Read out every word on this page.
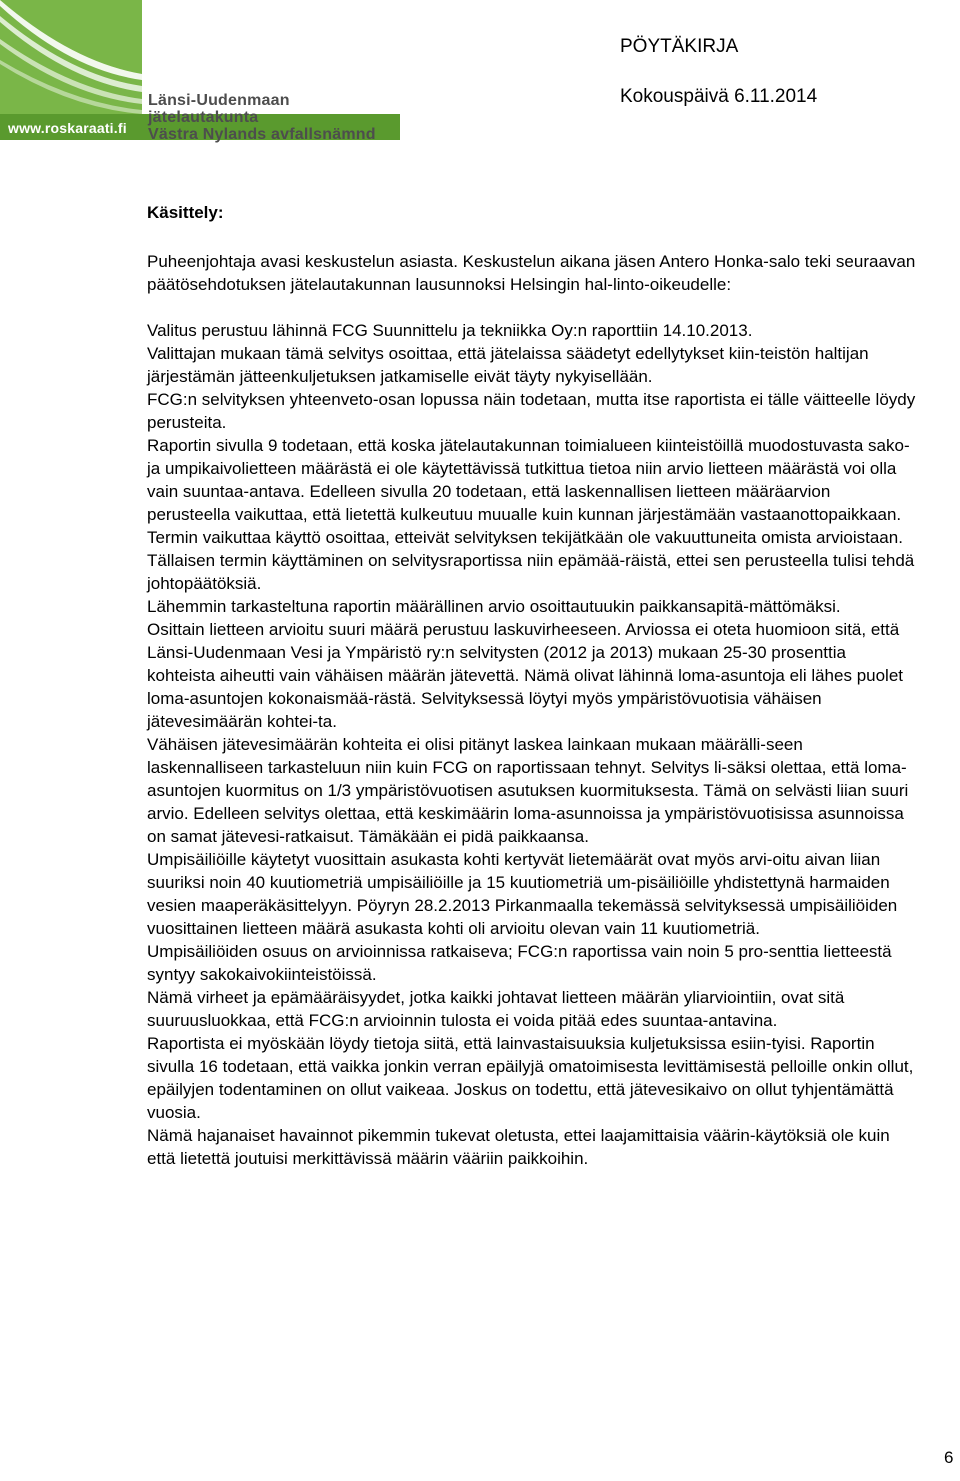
Länsi-Uudenmaan jätelautakunta
Västra Nylands avfallsnämnd
www.roskaraati.fi
PÖYTÄKIRJA
Kokouspäivä 6.11.2014
Käsittely:

Puheenjohtaja avasi keskustelun asiasta. Keskustelun aikana jäsen Antero Honka-salo teki seuraavan päätösehdotuksen jätelautakunnan lausunnoksi Helsingin hal-linto-oikeudelle:

Valitus perustuu lähinnä FCG Suunnittelu ja tekniikka Oy:n raporttiin 14.10.2013.

Valittajan mukaan tämä selvitys osoittaa, että jätelaissa säädetyt edellytykset kiin-teistön haltijan järjestämän jätteenkuljetuksen jatkamiselle eivät täyty nykyisellään.

FCG:n selvityksen yhteenveto-osan lopussa näin todetaan, mutta itse raportista ei tälle väitteelle löydy perusteita.

Raportin sivulla 9 todetaan, että koska jätelautakunnan toimialueen kiinteistöillä muodostuvasta sako- ja umpikaivolietteen määrästä ei ole käytettävissä tutkittua tietoa niin arvio lietteen määrästä voi olla vain suuntaa-antava. Edelleen sivulla 20 todetaan, että laskennallisen lietteen määräarvion perusteella vaikuttaa, että lietettä kulkeutuu muualle kuin kunnan järjestämään vastaanottopaikkaan.

Termin vaikuttaa käyttö osoittaa, etteivät selvityksen tekijätkään ole vakuuttuneita omista arvioistaan. Tällaisen termin käyttäminen on selvitysraportissa niin epämää-räistä, ettei sen perusteella tulisi tehdä johtopäätöksiä.

Lähemmin tarkasteltuna raportin määrällinen arvio osoittautuukin paikkansapitä-mättömäksi.

Osittain lietteen arvioitu suuri määrä perustuu laskuvirheeseen. Arviossa ei oteta huomioon sitä, että Länsi-Uudenmaan Vesi ja Ympäristö ry:n selvitysten (2012 ja 2013) mukaan 25-30 prosenttia kohteista aiheutti vain vähäisen määrän jätevettä. Nämä olivat lähinnä loma-asuntoja eli lähes puolet loma-asuntojen kokonaismää-rästä. Selvityksessä löytyi myös ympäristövuotisia vähäisen jätevesimäärän kohtei-ta.

Vähäisen jätevesimäärän kohteita ei olisi pitänyt laskea lainkaan mukaan määrälli-seen laskennalliseen tarkasteluun niin kuin FCG on raportissaan tehnyt. Selvitys li-säksi olettaa, että loma-asuntojen kuormitus on 1/3 ympäristövuotisen asutuksen kuormituksesta. Tämä on selvästi liian suuri arvio. Edelleen selvitys olettaa, että keskimäärin loma-asunnoissa ja ympäristövuotisissa asunnoissa on samat jätevesi-ratkaisut. Tämäkään ei pidä paikkaansa.

Umpisäiliöille käytetyt vuosittain asukasta kohti kertyvät lietemäärät ovat myös arvi-oitu aivan liian suuriksi noin 40 kuutiometriä umpisäiliöille ja 15 kuutiometriä um-pisäiliöille yhdistettynä harmaiden vesien maaperäkäsittelyyn. Pöyryn 28.2.2013 Pirkanmaalla tekemässä selvityksessä umpisäiliöiden vuosittainen lietteen määrä asukasta kohti oli arvioitu olevan vain 11 kuutiometriä.

Umpisäiliöiden osuus on arvioinnissa ratkaiseva; FCG:n raportissa vain noin 5 pro-senttia lietteestä syntyy sakokaivokiinteistöissä.

Nämä virheet ja epämääräisyydet, jotka kaikki johtavat lietteen määrän yliarviointiin, ovat sitä suuruusluokkaa, että FCG:n arvioinnin tulosta ei voida pitää edes suuntaa-antavina.

Raportista ei myöskään löydy tietoja siitä, että lainvastaisuuksia kuljetuksissa esiin-tyisi. Raportin sivulla 16 todetaan, että vaikka jonkin verran epäilyjä omatoimisesta levittämisestä pelloille onkin ollut, epäilyjen todentaminen on ollut vaikeaa. Joskus on todettu, että jätevesikaivo on ollut tyhjentämättä vuosia.

Nämä hajanaiset havainnot pikemmin tukevat oletusta, ettei laajamittaisia väärin-käytöksiä ole kuin että lietettä joutuisi merkittävissä määrin vääriin paikkoihin.

6
